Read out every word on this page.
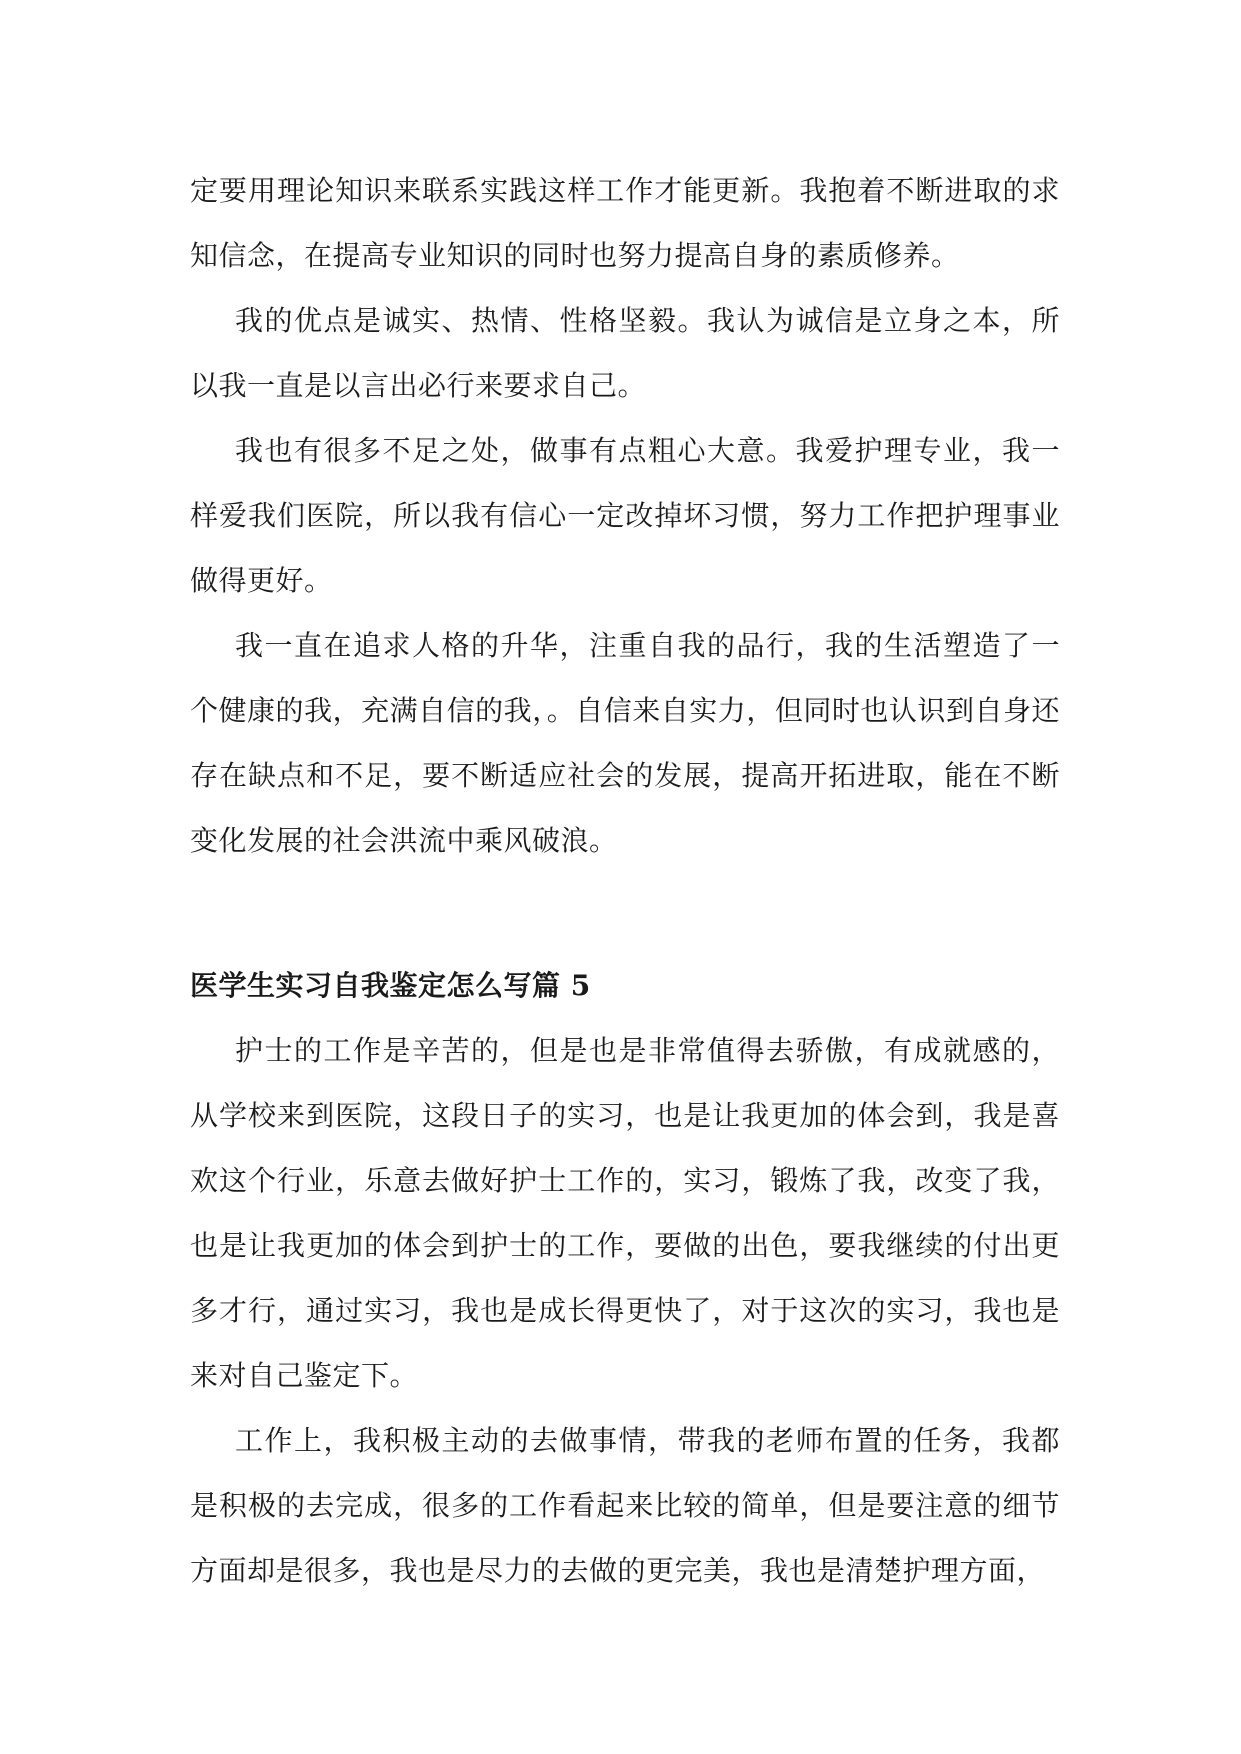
定要用理论知识来联系实践这样工作才能更新。我抱着不断进取的求知信念，在提高专业知识的同时也努力提高自身的素质修养。

我的优点是诚实、热情、性格坚毅。我认为诚信是立身之本，所以我一直是以言出必行来要求自己。

我也有很多不足之处，做事有点粗心大意。我爱护理专业，我一样爱我们医院，所以我有信心一定改掉坏习惯，努力工作把护理事业做得更好。

我一直在追求人格的升华，注重自我的品行，我的生活塑造了一个健康的我，充满自信的我，。自信来自实力，但同时也认识到自身还存在缺点和不足，要不断适应社会的发展，提高开拓进取，能在不断变化发展的社会洪流中乘风破浪。

医学生实习自我鉴定怎么写篇 5

护士的工作是辛苦的，但是也是非常值得去骄傲，有成就感的，从学校来到医院，这段日子的实习，也是让我更加的体会到，我是喜欢这个行业，乐意去做好护士工作的，实习，锻炼了我，改变了我，也是让我更加的体会到护士的工作，要做的出色，要我继续的付出更多才行，通过实习，我也是成长得更快了，对于这次的实习，我也是来对自己鉴定下。

工作上，我积极主动的去做事情，带我的老师布置的任务，我都是积极的去完成，很多的工作看起来比较的简单，但是要注意的细节方面却是很多，我也是尽力的去做的更完美，我也是清楚护理方面，
